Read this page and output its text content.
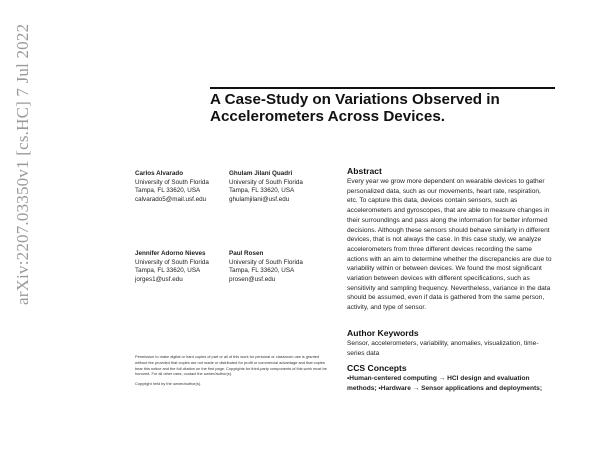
arXiv:2207.03350v1 [cs.HC] 7 Jul 2022	A Case-Study on Variations Observed in Accelerometers Across Devices.
Carlos Alvarado
University of South Florida
Tampa, FL 33620, USA
calvarado5@mail.usf.edu
Ghulam Jilani Quadri
University of South Florida
Tampa, FL 33620, USA
ghulamjilani@usf.edu
Jennifer Adorno Nieves
University of South Florida
Tampa, FL 33620, USA
jorges1@usf.edu
Paul Rosen
University of South Florida
Tampa, FL 33620, USA
prosen@usf.edu
Abstract
Every year we grow more dependent on wearable devices to gather personalized data, such as our movements, heart rate, respiration, etc. To capture this data, devices contain sensors, such as accelerometers and gyroscopes, that are able to measure changes in their surroundings and pass along the information for better informed decisions. Although these sensors should behave similarly in different devices, that is not always the case. In this case study, we analyze accelerometers from three different devices recording the same actions with an aim to determine whether the discrepancies are due to variability within or between devices. We found the most significant variation between devices with different specifications, such as sensitivity and sampling frequency. Nevertheless, variance in the data should be assumed, even if data is gathered from the same person, activity, and type of sensor.
Author Keywords
Sensor, accelerometers, variability, anomalies, visualization, time-series data
CCS Concepts
•Human-centered computing → HCI design and evaluation methods; •Hardware → Sensor applications and deployments;

Permission to make digital or hard copies of part or all of this work for personal or classroom use is granted without fee provided that copies are not made or distributed for profit or commercial advantage and that copies bear this notice and the full citation on the first page. Copyrights for third-party components of this work must be honored. For all other uses, contact the owner/author(s).

Copyright held by the owner/author(s).
